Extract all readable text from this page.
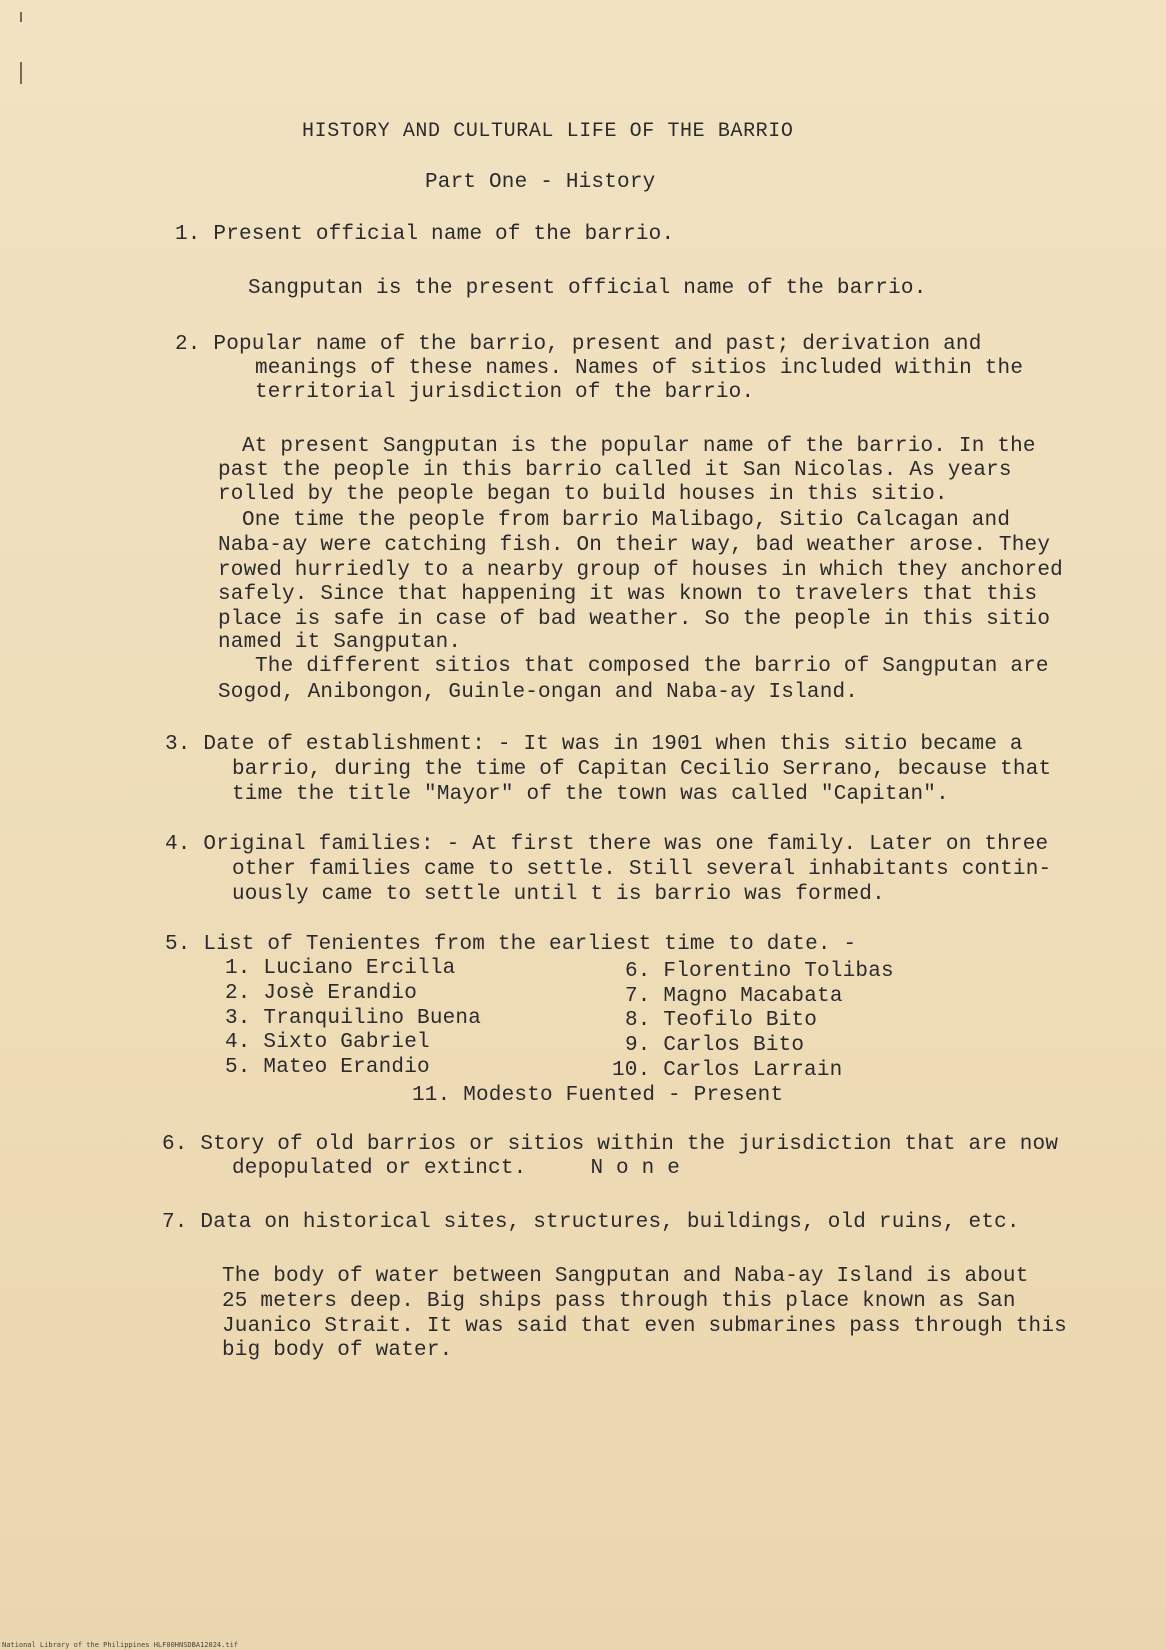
HISTORY AND CULTURAL LIFE OF THE BARRIO
Part One - History
1. Present official name of the barrio.
Sangputan is the present official name of the barrio.
2. Popular name of the barrio, present and past; derivation and
meanings of these names. Names of sitios included within the
territorial jurisdiction of the barrio.
At present Sangputan is the popular name of the barrio. In the
past the people in this barrio called it San Nicolas. As years
rolled by the people began to build houses in this sitio.
One time the people from barrio Malibago, Sitio Calcagan and
Naba-ay were catching fish. On their way, bad weather arose. They
rowed hurriedly to a nearby group of houses in which they anchored
safely. Since that happening it was known to travelers that this
place is safe in case of bad weather. So the people in this sitio
named it Sangputan.
The different sitios that composed the barrio of Sangputan are
Sogod, Anibongon, Guinle-ongan and Naba-ay Island.
3. Date of establishment: - It was in 1901 when this sitio became a
barrio, during the time of Capitan Cecilio Serrano, because that
time the title "Mayor" of the town was called "Capitan".
4. Original families: - At first there was one family. Later on three
other families came to settle. Still several inhabitants contin-
uously came to settle until t is barrio was formed.
5. List of Tenientes from the earliest time to date. -
1. Luciano Ercilla
2. Josè Erandio
3. Tranquilino Buena
4. Sixto Gabriel
5. Mateo Erandio
6. Florentino Tolibas
7. Magno Macabata
8. Teofilo Bito
9. Carlos Bito
10. Carlos Larrain
11. Modesto Fuented - Present
6. Story of old barrios or sitios within the jurisdiction that are now
depopulated or extinct.     N o n e
7. Data on historical sites, structures, buildings, old ruins, etc.
The body of water between Sangputan and Naba-ay Island is about
25 meters deep. Big ships pass through this place known as San
Juanico Strait. It was said that even submarines pass through this
big body of water.
National Library of the Philippines HLF00HNSDBA12024.tif
